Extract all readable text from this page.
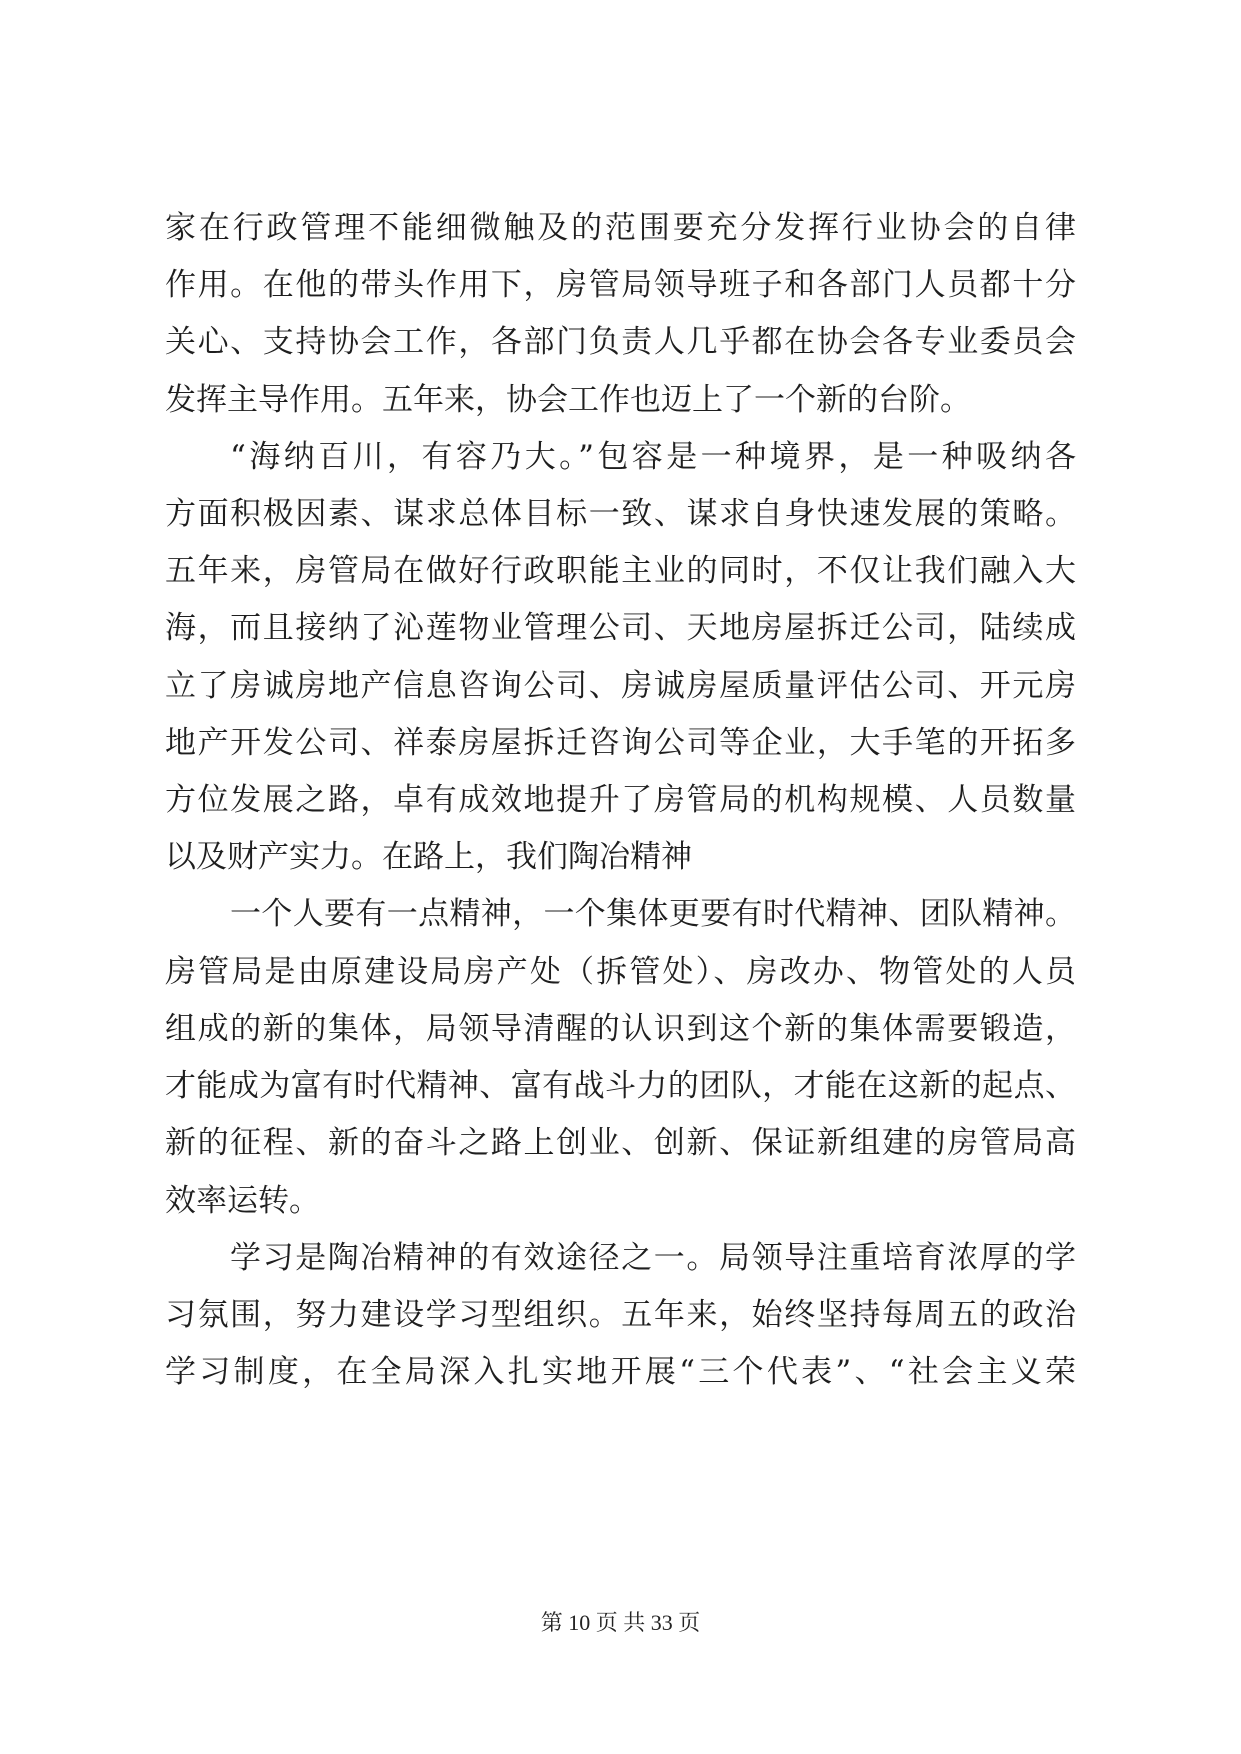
家在行政管理不能细微触及的范围要充分发挥行业协会的自律
作用。在他的带头作用下，房管局领导班子和各部门人员都十分
关心、支持协会工作，各部门负责人几乎都在协会各专业委员会
发挥主导作用。五年来，协会工作也迈上了一个新的台阶。
“海纳百川，有容乃大。”包容是一种境界，是一种吸纳各
方面积极因素、谋求总体目标一致、谋求自身快速发展的策略。
五年来，房管局在做好行政职能主业的同时，不仅让我们融入大
海，而且接纳了沁莲物业管理公司、天地房屋拆迁公司，陆续成
立了房诚房地产信息咨询公司、房诚房屋质量评估公司、开元房
地产开发公司、祥泰房屋拆迁咨询公司等企业，大手笔的开拓多
方位发展之路，卓有成效地提升了房管局的机构规模、人员数量
以及财产实力。在路上，我们陶冶精神
一个人要有一点精神，一个集体更要有时代精神、团队精神。
房管局是由原建设局房产处（拆管处）、房改办、物管处的人员
组成的新的集体，局领导清醒的认识到这个新的集体需要锻造，
才能成为富有时代精神、富有战斗力的团队，才能在这新的起点、
新的征程、新的奋斗之路上创业、创新、保证新组建的房管局高
效率运转。
学习是陶冶精神的有效途径之一。局领导注重培育浓厚的学
习氛围，努力建设学习型组织。五年来，始终坚持每周五的政治
学习制度，在全局深入扎实地开展“三个代表”、“社会主义荣
第 10 页 共 33 页
